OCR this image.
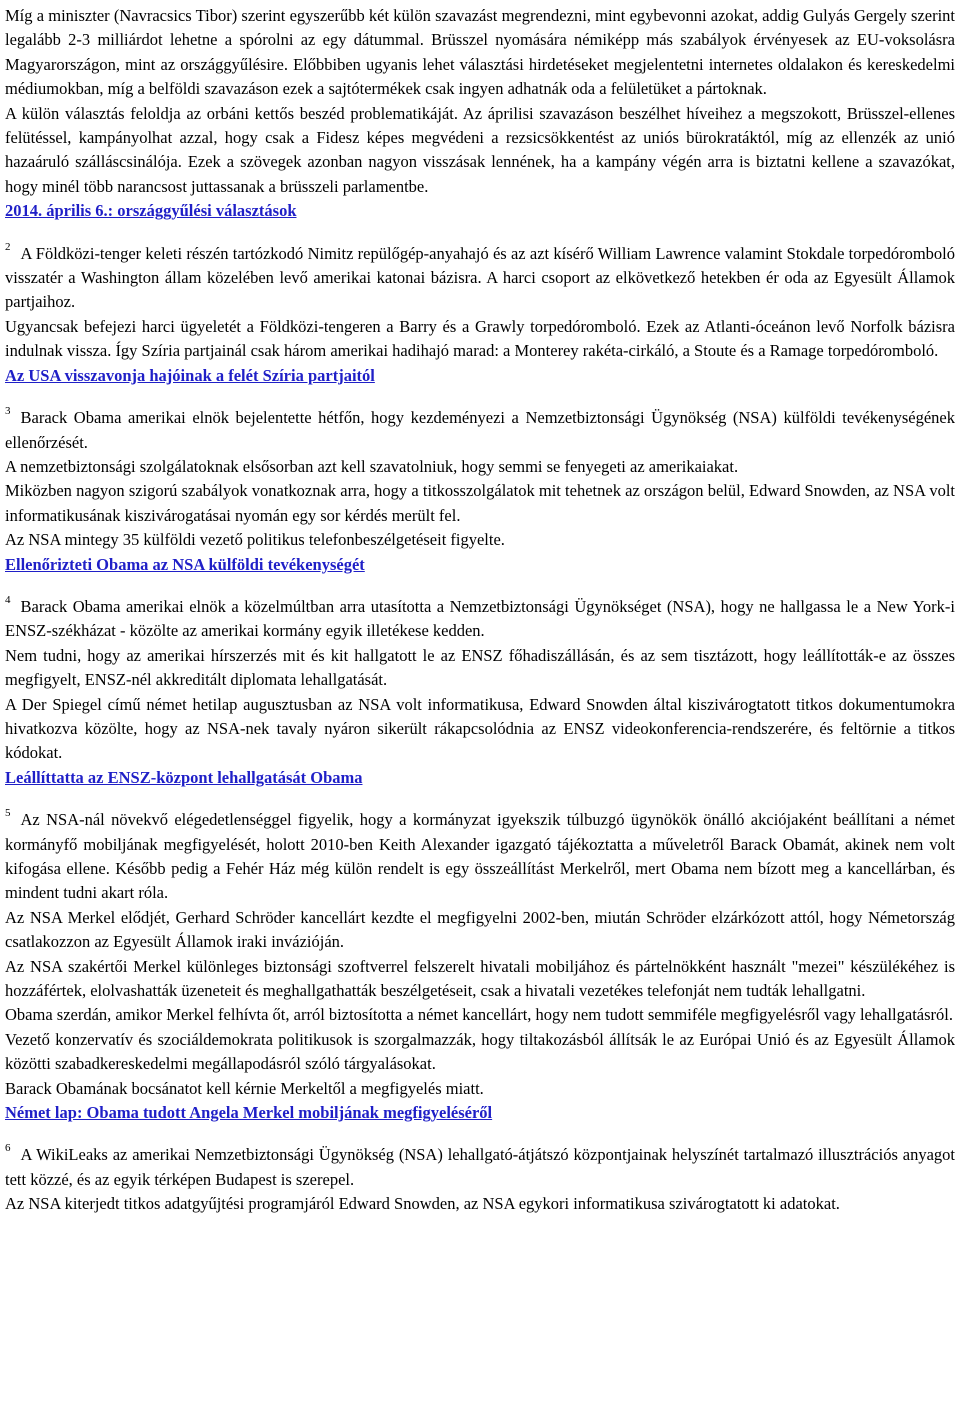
Míg a miniszter (Navracsics Tibor) szerint egyszerűbb két külön szavazást megrendezni, mint egybevonni azokat, addig Gulyás Gergely szerint legalább 2-3 milliárdot lehetne a spórolni az egy dátummal. Brüsszel nyomására némiképp más szabályok érvényesek az EU-voksolásra Magyarországon, mint az országgyűlésire. Előbbiben ugyanis lehet választási hirdetéseket megjelentetni internetes oldalakon és kereskedelmi médiumokban, míg a belföldi szavazáson ezek a sajtótermékek csak ingyen adhatnák oda a felületüket a pártoknak.

A külön választás feloldja az orbáni kettős beszéd problematikáját. Az áprilisi szavazáson beszélhet híveihez a megszokott, Brüsszel-ellenes felütéssel, kampányolhat azzal, hogy csak a Fidesz képes megvédeni a rezsicsökkentést az uniós bürokratáktól, míg az ellenzék az unió hazaáruló szálláscsinálója. Ezek a szövegek azonban nagyon visszásak lennének, ha a kampány végén arra is biztatni kellene a szavazókat, hogy minél több narancsost juttassanak a brüsszeli parlamentbe.

2014. április 6.: országgyűlési választások

$^2$ A Földközi-tenger keleti részén tartózkodó Nimitz repülőgép-anyahajó és az azt kísérő William Lawrence valamint Stokdale torpedóromboló visszatér a Washington állam közelében levő amerikai katonai bázisra. A harci csoport az elkövetkező hetekben ér oda az Egyesült Államok partjaihoz.

Ugyancsak befejezi harci ügyeletét a Földközi-tengeren a Barry és a Grawly torpedóromboló. Ezek az Atlanti-óceánon levő Norfolk bázisra indulnak vissza. Így Szíria partjainál csak három amerikai hadihajó marad: a Monterey rakéta-cirkáló, a Stoute és a Ramage torpedóromboló.

Az USA visszavonja hajóinak a felét Szíria partjaitól

$^3$ Barack Obama amerikai elnök bejelentette hétfőn, hogy kezdeményezi a Nemzetbiztonsági Ügynökség (NSA) külföldi tevékenységének ellenőrzését.

A nemzetbiztonsági szolgálatoknak elsősorban azt kell szavatolniuk, hogy semmi se fenyegeti az amerikaiakat.

Miközben nagyon szigorú szabályok vonatkoznak arra, hogy a titkosszolgálatok mit tehetnek az országon belül, Edward Snowden, az NSA volt informatikusának kiszivárogatásai nyomán egy sor kérdés merült fel.

Az NSA mintegy 35 külföldi vezető politikus telefonbeszélgetéseit figyelte.

Ellenőrizteti Obama az NSA külföldi tevékenységét

$^4$ Barack Obama amerikai elnök a közelmúltban arra utasította a Nemzetbiztonsági Ügynökséget (NSA), hogy ne hallgassa le a New York-i ENSZ-székházat - közölte az amerikai kormány egyik illetékese kedden.

Nem tudni, hogy az amerikai hírszerzés mit és kit hallgatott le az ENSZ főhadiszállásán, és az sem tisztázott, hogy leállították-e az összes megfigyelt, ENSZ-nél akkreditált diplomata lehallgatását.

A Der Spiegel című német hetilap augusztusban az NSA volt informatikusa, Edward Snowden által kiszivárogtatott titkos dokumentumokra hivatkozva közölte, hogy az NSA-nek tavaly nyáron sikerült rákapcsolódnia az ENSZ videokonferencia-rendszerére, és feltörnie a titkos kódokat.

Leállíttatta az ENSZ-központ lehallgatását Obama

$^5$ Az NSA-nál növekvő elégedetlenséggel figyelik, hogy a kormányzat igyekszik túlbuzgó ügynökök önálló akciójaként beállítani a német kormányfő mobiljának megfigyelését, holott 2010-ben Keith Alexander igazgató tájékoztatta a műveletről Barack Obamát, akinek nem volt kifogása ellene. Később pedig a Fehér Ház még külön rendelt is egy összeállítást Merkelről, mert Obama nem bízott meg a kancellárban, és mindent tudni akart róla.

Az NSA Merkel elődjét, Gerhard Schröder kancellárt kezdte el megfigyelni 2002-ben, miután Schröder elzárkózott attól, hogy Németország csatlakozzon az Egyesült Államok iraki invázióján.

Az NSA szakértői Merkel különleges biztonsági szoftverrel felszerelt hivatali mobiljához és pártelnökként használt "mezei" készülékéhez is hozzáfértek, elolvashatták üzeneteit és meghallgathatták beszélgetéseit, csak a hivatali vezetékes telefonját nem tudták lehallgatni.

Obama szerdán, amikor Merkel felhívta őt, arról biztosította a német kancellárt, hogy nem tudott semmiféle megfigyelésről vagy lehallgatásról.

Vezető konzervatív és szociáldemokrata politikusok is szorgalmazzák, hogy tiltakozásból állítsák le az Európai Unió és az Egyesült Államok közötti szabadkereskedelmi megállapodásról szóló tárgyalásokat.

Barack Obamának bocsánatot kell kérnie Merkeltől a megfigyelés miatt.

Német lap: Obama tudott Angela Merkel mobiljának megfigyeléséről

$^6$ A WikiLeaks az amerikai Nemzetbiztonsági Ügynökség (NSA) lehallgató-átjátszó központjainak helyszínét tartalmazó illusztrációs anyagot tett közzé, és az egyik térképen Budapest is szerepel.

Az NSA kiterjedt titkos adatgyűjtési programjáról Edward Snowden, az NSA egykori informatikusa szivárogtatott ki adatokat.
